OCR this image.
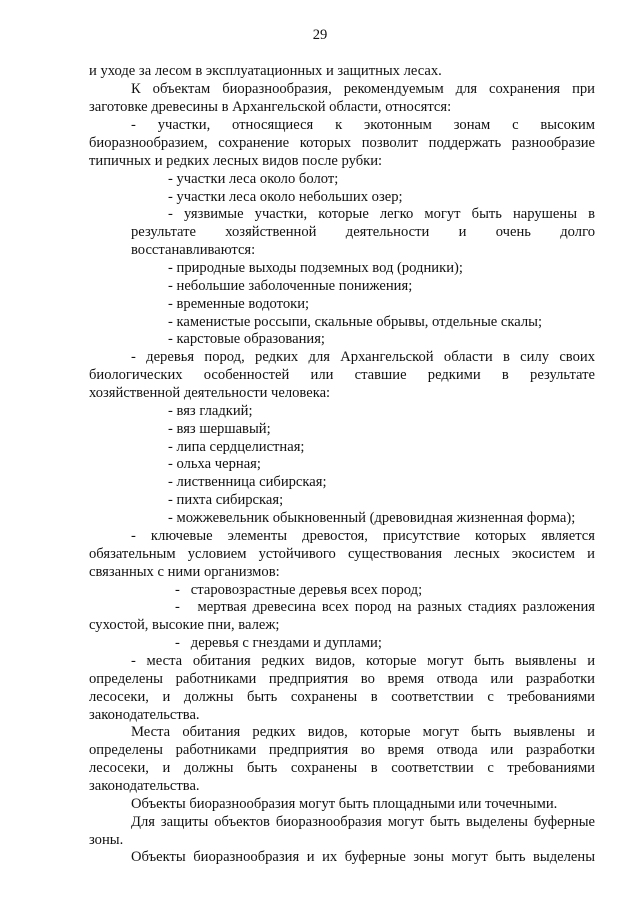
29
и уходе за лесом в эксплуатационных и защитных лесах.
К объектам биоразнообразия, рекомендуемым для сохранения при
заготовке древесины в Архангельской области, относятся:
- участки, относящиеся к экотонным зонам с высоким
биоразнообразием, сохранение которых позволит поддержать разнообразие
типичных и редких лесных видов после рубки:
- участки леса около болот;
- участки леса около небольших озер;
- уязвимые участки, которые легко могут быть нарушены в
результате хозяйственной деятельности и очень долго
восстанавливаются:
- природные выходы подземных вод (родники);
- небольшие заболоченные понижения;
- временные водотоки;
- каменистые россыпи, скальные обрывы, отдельные скалы;
- карстовые образования;
- деревья пород, редких для Архангельской области в силу своих
биологических особенностей или ставшие редкими в результате
хозяйственной деятельности человека:
- вяз гладкий;
- вяз шершавый;
- липа сердцелистная;
- ольха черная;
- лиственница сибирская;
- пихта сибирская;
- можжевельник обыкновенный (древовидная жизненная форма);
- ключевые элементы древостоя, присутствие которых является
обязательным условием устойчивого существования лесных экосистем и
связанных с ними организмов:
-   старовозрастные деревья всех пород;
-   мертвая древесина всех пород на разных стадиях разложения
сухостой, высокие пни, валеж;
-   деревья с гнездами и дуплами;
- места обитания редких видов, которые могут быть выявлены и
определены работниками предприятия во время отвода или разработки
лесосеки, и должны быть сохранены в соответствии с требованиями
законодательства.
Места обитания редких видов, которые могут быть выявлены и
определены работниками предприятия во время отвода или разработки
лесосеки, и должны быть сохранены в соответствии с требованиями
законодательства.
Объекты биоразнообразия могут быть площадными или точечными.
Для защиты объектов биоразнообразия могут быть выделены буферные
зоны.
Объекты биоразнообразия и их буферные зоны могут быть выделены
